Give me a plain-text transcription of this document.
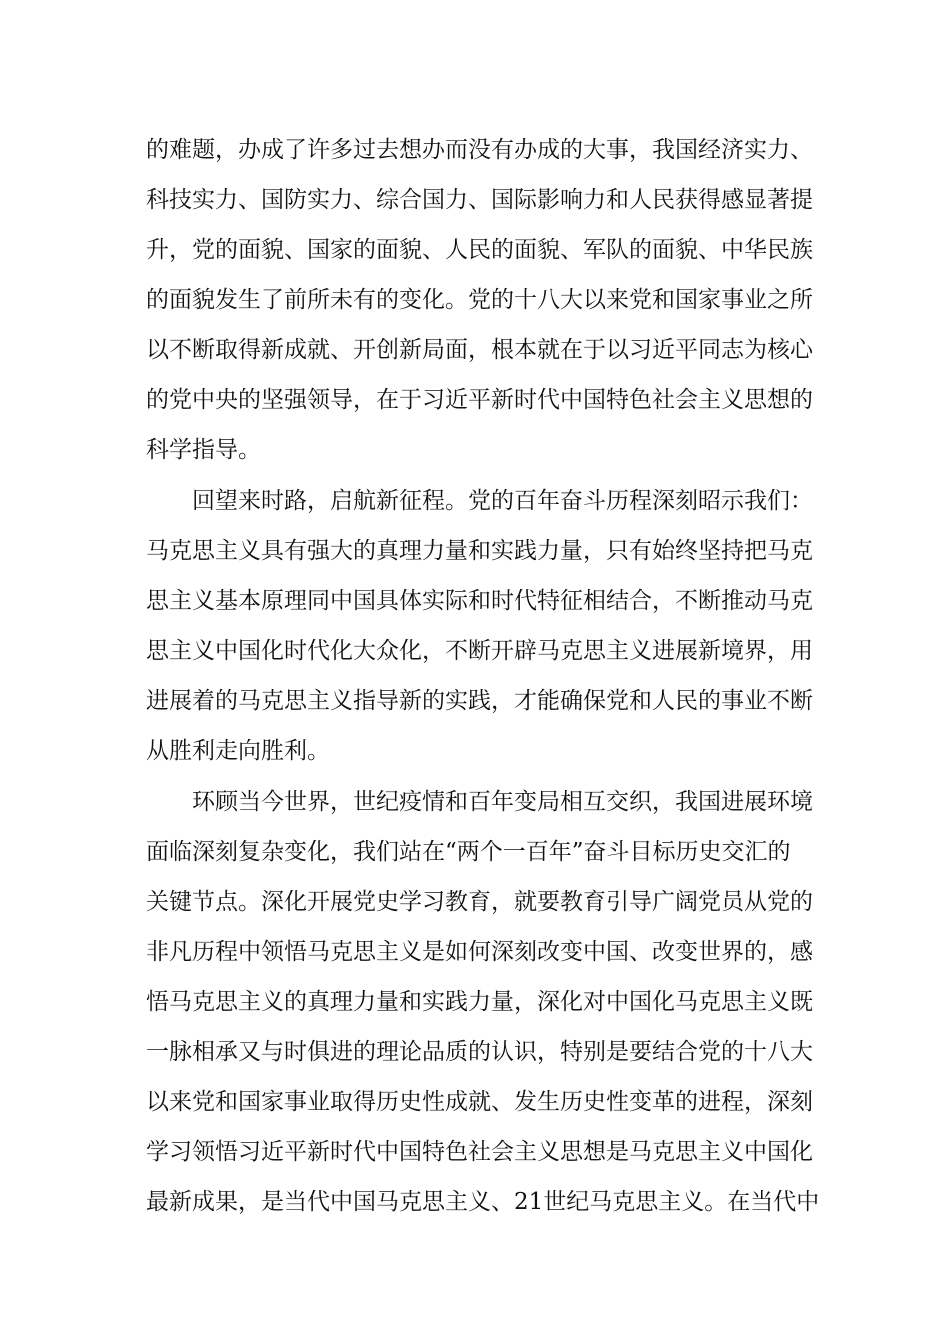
的难题，办成了许多过去想办而没有办成的大事，我国经济实力、
科技实力、国防实力、综合国力、国际影响力和人民获得感显著提
升，党的面貌、国家的面貌、人民的面貌、军队的面貌、中华民族
的面貌发生了前所未有的变化。党的十八大以来党和国家事业之所
以不断取得新成就、开创新局面，根本就在于以习近平同志为核心
的党中央的坚强领导，在于习近平新时代中国特色社会主义思想的
科学指导。
回望来时路，启航新征程。党的百年奋斗历程深刻昭示我们：
马克思主义具有强大的真理力量和实践力量，只有始终坚持把马克
思主义基本原理同中国具体实际和时代特征相结合，不断推动马克
思主义中国化时代化大众化，不断开辟马克思主义进展新境界，用
进展着的马克思主义指导新的实践，才能确保党和人民的事业不断
从胜利走向胜利。
环顾当今世界，世纪疫情和百年变局相互交织，我国进展环境
面临深刻复杂变化，我们站在“两个一百年”奋斗目标历史交汇的
关键节点。深化开展党史学习教育，就要教育引导广阔党员从党的
非凡历程中领悟马克思主义是如何深刻改变中国、改变世界的，感
悟马克思主义的真理力量和实践力量，深化对中国化马克思主义既
一脉相承又与时俱进的理论品质的认识，特别是要结合党的十八大
以来党和国家事业取得历史性成就、发生历史性变革的进程，深刻
学习领悟习近平新时代中国特色社会主义思想是马克思主义中国化
最新成果，是当代中国马克思主义、21世纪马克思主义。在当代中
